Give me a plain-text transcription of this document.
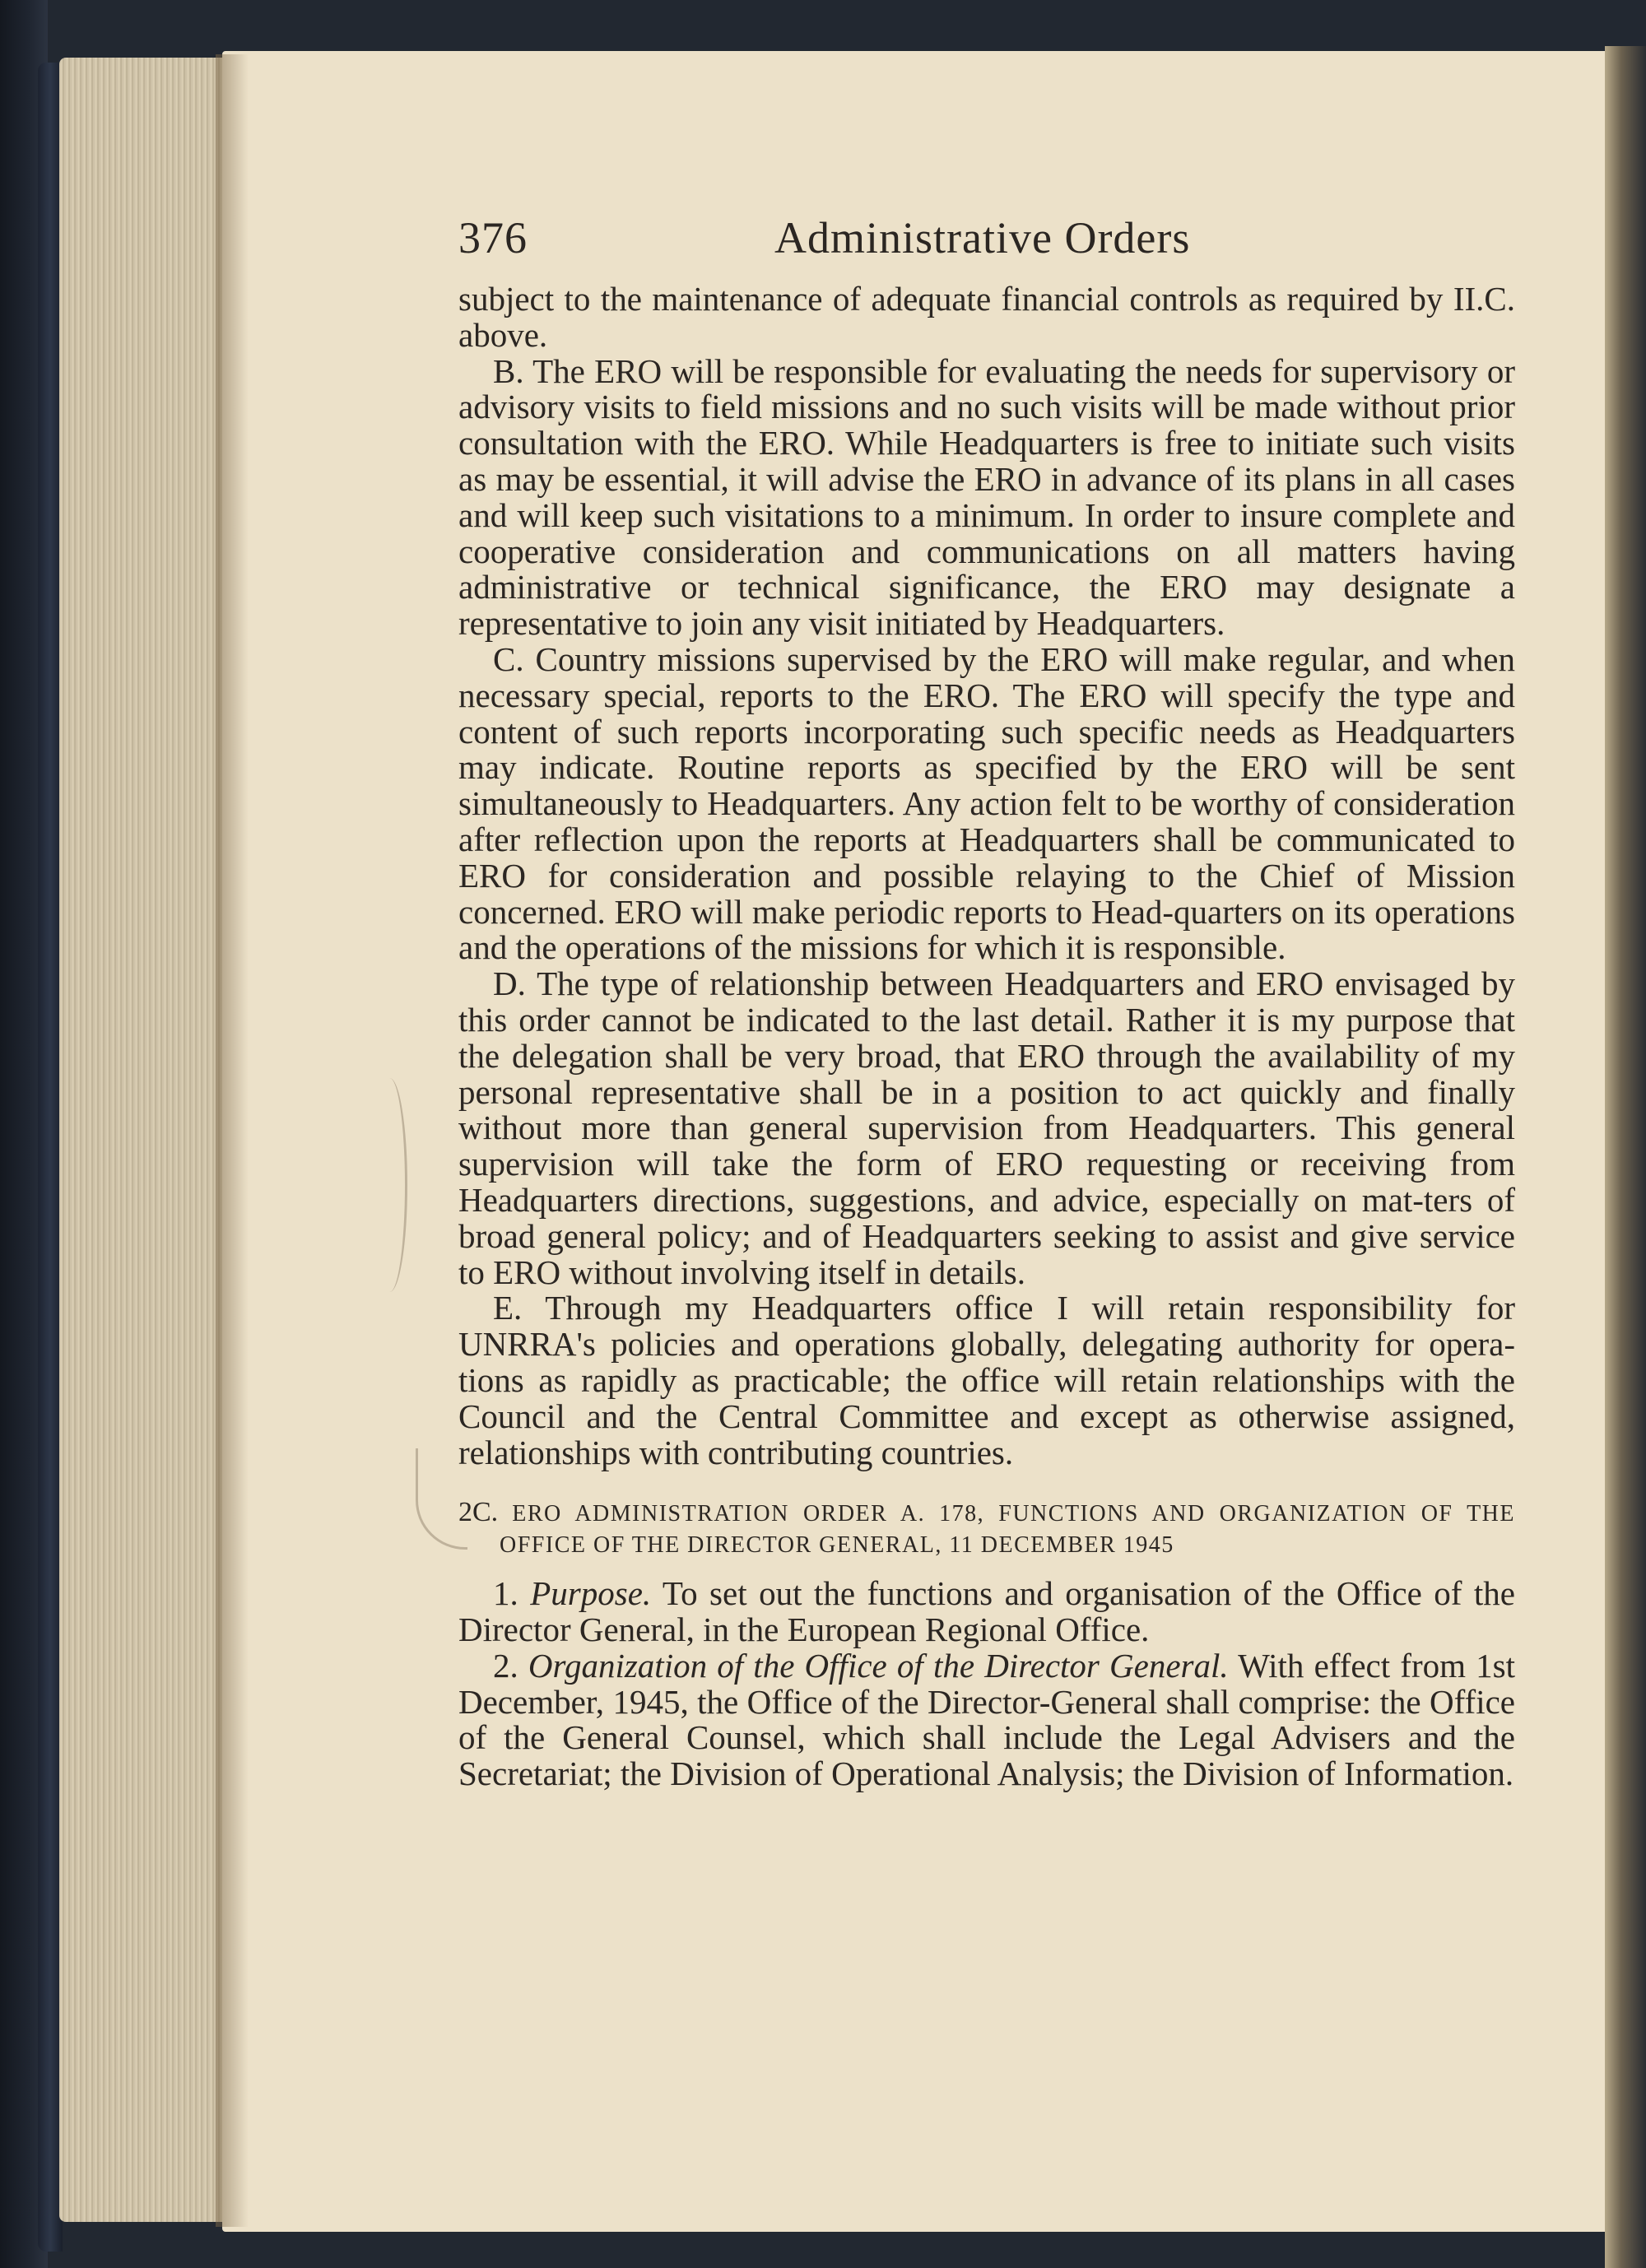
376	Administrative Orders

subject to the maintenance of adequate financial controls as required by II.C. above.

B. The ERO will be responsible for evaluating the needs for supervisory or advisory visits to field missions and no such visits will be made without prior consultation with the ERO. While Headquarters is free to initiate such visits as may be essential, it will advise the ERO in advance of its plans in all cases and will keep such visitations to a minimum. In order to insure complete and cooperative consideration and communications on all matters having administrative or technical significance, the ERO may designate a representative to join any visit initiated by Headquarters.

C. Country missions supervised by the ERO will make regular, and when necessary special, reports to the ERO. The ERO will specify the type and content of such reports incorporating such specific needs as Headquarters may indicate. Routine reports as specified by the ERO will be sent simultaneously to Headquarters. Any action felt to be worthy of consideration after reflection upon the reports at Headquarters shall be communicated to ERO for consideration and possible relaying to the Chief of Mission concerned. ERO will make periodic reports to Head-quarters on its operations and the operations of the missions for which it is responsible.

D. The type of relationship between Headquarters and ERO envisaged by this order cannot be indicated to the last detail. Rather it is my purpose that the delegation shall be very broad, that ERO through the availability of my personal representative shall be in a position to act quickly and finally without more than general supervision from Headquarters. This general supervision will take the form of ERO requesting or receiving from Headquarters directions, suggestions, and advice, especially on mat-ters of broad general policy; and of Headquarters seeking to assist and give service to ERO without involving itself in details.

E. Through my Headquarters office I will retain responsibility for UNRRA's policies and operations globally, delegating authority for opera-tions as rapidly as practicable; the office will retain relationships with the Council and the Central Committee and except as otherwise assigned, relationships with contributing countries.

2C. ERO ADMINISTRATION ORDER A. 178, FUNCTIONS AND ORGANIZATION OF THE OFFICE OF THE DIRECTOR GENERAL, 11 DECEMBER 1945

1. Purpose. To set out the functions and organisation of the Office of the Director General, in the European Regional Office.

2. Organization of the Office of the Director General. With effect from 1st December, 1945, the Office of the Director-General shall comprise: the Office of the General Counsel, which shall include the Legal Advisers and the Secretariat; the Division of Operational Analysis; the Division of Information.
